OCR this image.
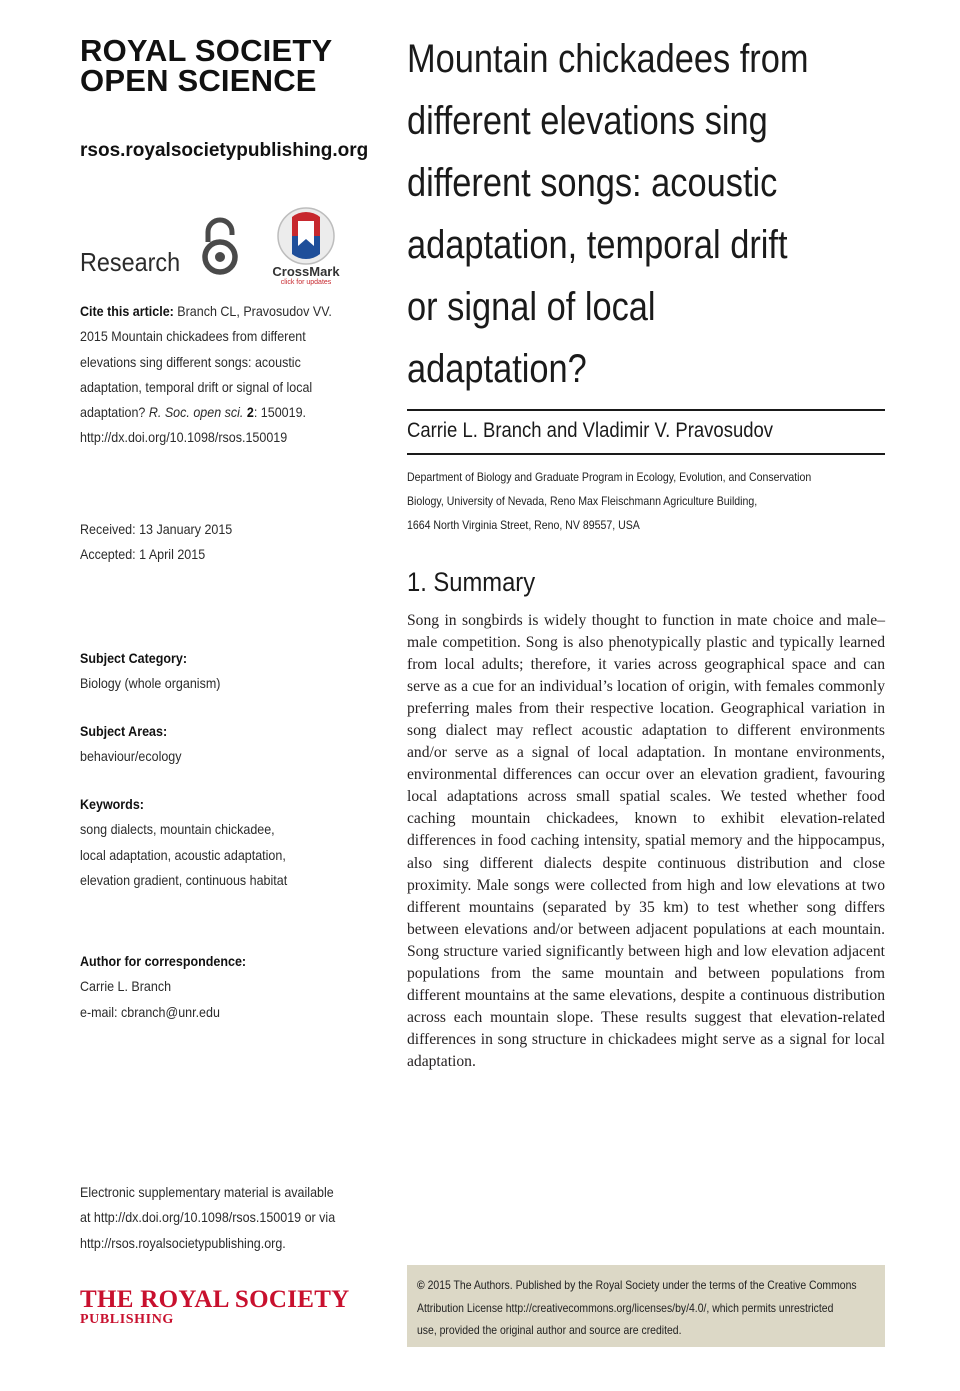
ROYAL SOCIETY
OPEN SCIENCE
rsos.royalsocietypublishing.org
Research	CrossMark
click for updates
Cite this article: Branch CL, Pravosudov VV. 2015 Mountain chickadees from different elevations sing different songs: acoustic adaptation, temporal drift or signal of local adaptation? R. Soc. open sci. 2: 150019. http://dx.doi.org/10.1098/rsos.150019
Received: 13 January 2015
Accepted: 1 April 2015
Subject Category:
Biology (whole organism)
Subject Areas:
behaviour/ecology
Keywords:
song dialects, mountain chickadee,
local adaptation, acoustic adaptation,
elevation gradient, continuous habitat
Author for correspondence:
Carrie L. Branch
e-mail: cbranch@unr.edu
Electronic supplementary material is available
at http://dx.doi.org/10.1098/rsos.150019 or via
http://rsos.royalsocietypublishing.org.
THE ROYAL SOCIETY
PUBLISHING
Mountain chickadees from
different elevations sing
different songs: acoustic
adaptation, temporal drift
or signal of local
adaptation?
Carrie L. Branch and Vladimir V. Pravosudov
Department of Biology and Graduate Program in Ecology, Evolution, and Conservation
Biology, University of Nevada, Reno Max Fleischmann Agriculture Building,
1664 North Virginia Street, Reno, NV 89557, USA
1. Summary

Song in songbirds is widely thought to function in mate choice and male–male competition. Song is also phenotypically plastic and typically learned from local adults; therefore, it varies across geographical space and can serve as a cue for an individual’s location of origin, with females commonly preferring males from their respective location. Geographical variation in song dialect may reflect acoustic adaptation to different environments and/or serve as a signal of local adaptation. In montane environments, environmental differences can occur over an elevation gradient, favouring local adaptations across small spatial scales. We tested whether food caching mountain chickadees, known to exhibit elevation-related differences in food caching intensity, spatial memory and the hippocampus, also sing different dialects despite continuous distribution and close proximity. Male songs were collected from high and low elevations at two different mountains (separated by 35 km) to test whether song differs between elevations and/or between adjacent populations at each mountain. Song structure varied significantly between high and low elevation adjacent populations from the same mountain and between populations from different mountains at the same elevations, despite a continuous distribution across each mountain slope. These results suggest that elevation-related differences in song structure in chickadees might serve as a signal for local adaptation.

© 2015 The Authors. Published by the Royal Society under the terms of the Creative Commons
Attribution License http://creativecommons.org/licenses/by/4.0/, which permits unrestricted
use, provided the original author and source are credited.
